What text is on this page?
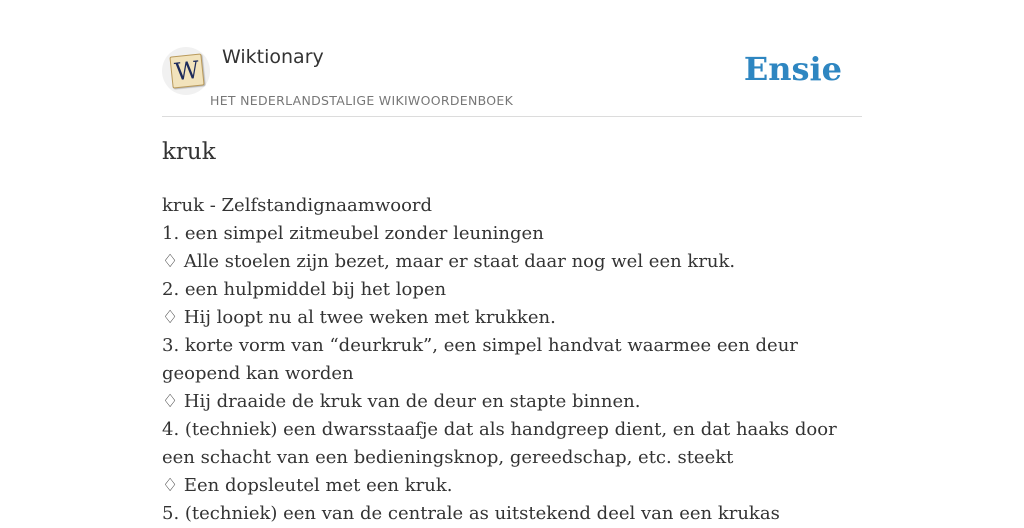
W Wiktionary
HET NEDERLANDSTALIGE WIKIWOORDENBOEK
Ensie
kruk
kruk - Zelfstandignaamwoord
1. een simpel zitmeubel zonder leuningen
♢ Alle stoelen zijn bezet, maar er staat daar nog wel een kruk.
2. een hulpmiddel bij het lopen
♢ Hij loopt nu al twee weken met krukken.
3. korte vorm van “deurkruk”, een simpel handvat waarmee een deur geopend kan worden
♢ Hij draaide de kruk van de deur en stapte binnen.
4. (techniek) een dwarsstaafje dat als handgreep dient, en dat haaks door een schacht van een bedieningsknop, gereedschap, etc. steekt
♢ Een dopsleutel met een kruk.
5. (techniek) een van de centrale as uitstekend deel van een krukas
